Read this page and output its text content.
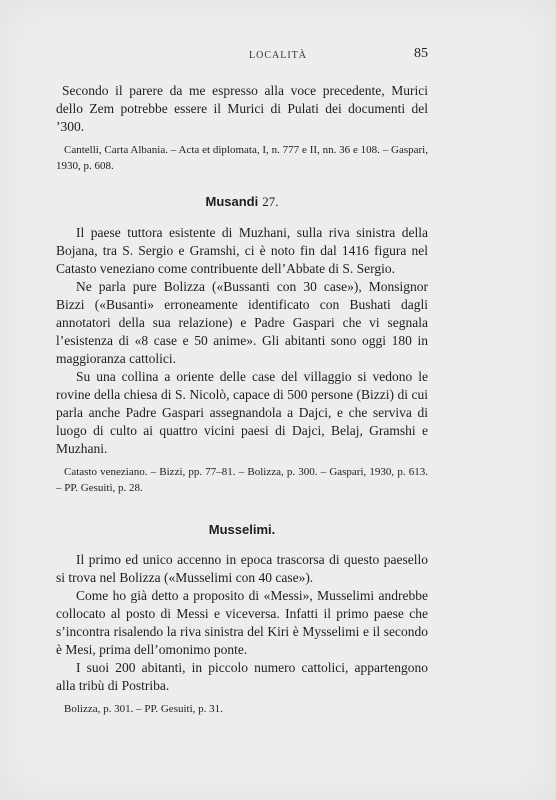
LOCALITÀ	85

Secondo il parere da me espresso alla voce precedente, Murici dello Zem potrebbe essere il Murici di Pulati dei documenti del ’300.

Cantelli, Carta Albania. – Acta et diplomata, I, n. 777 e II, nn. 36 e 108. – Gaspari, 1930, p. 608.

Musandi 27.

Il paese tuttora esistente di Muzhani, sulla riva sinistra della Bojana, tra S. Sergio e Gramshi, ci è noto fin dal 1416 figura nel Catasto veneziano come contribuente dell’Abbate di S. Sergio.

Ne parla pure Bolizza («Bussanti con 30 case»), Monsignor Bizzi («Busanti» erroneamente identificato con Bushati dagli annotatori della sua relazione) e Padre Gaspari che vi segnala l’esistenza di «8 case e 50 anime». Gli abitanti sono oggi 180 in maggioranza cattolici.

Su una collina a oriente delle case del villaggio si vedono le rovine della chiesa di S. Nicolò, capace di 500 persone (Bizzi) di cui parla anche Padre Gaspari assegnandola a Dajci, e che serviva di luogo di culto ai quattro vicini paesi di Dajci, Belaj, Gramshi e Muzhani.

Catasto veneziano. – Bizzi, pp. 77–81. – Bolizza, p. 300. – Gaspari, 1930, p. 613. – PP. Gesuiti, p. 28.

Musselimi.

Il primo ed unico accenno in epoca trascorsa di questo paesello si trova nel Bolizza («Musselimi con 40 case»).

Come ho già detto a proposito di «Messi», Musselimi andrebbe collocato al posto di Messi e viceversa. Infatti il primo paese che s’incontra risalendo la riva sinistra del Kiri è Mysselimi e il secondo è Mesi, prima dell’omonimo ponte.

I suoi 200 abitanti, in piccolo numero cattolici, appartengono alla tribù di Postriba.

Bolizza, p. 301. – PP. Gesuiti, p. 31.
